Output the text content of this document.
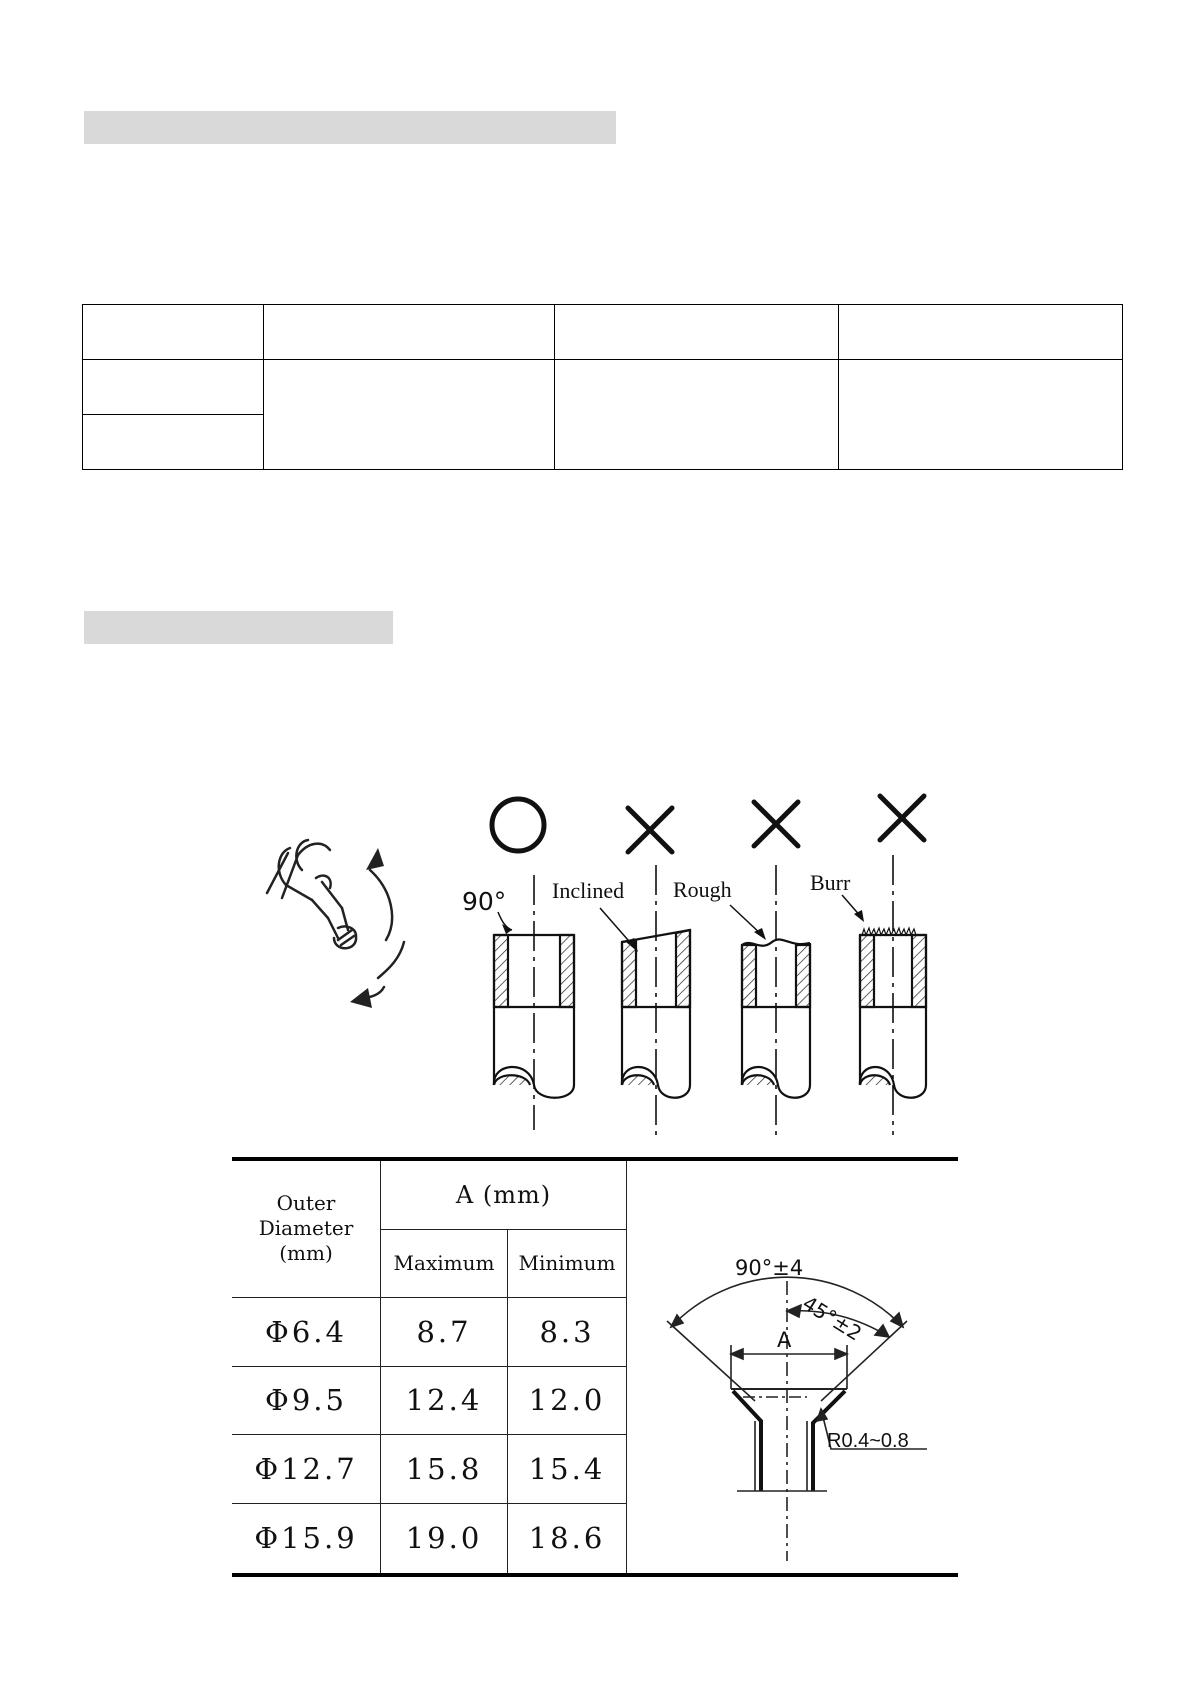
90° Inclined Rough	Burr
Outer Diameter (mm)	A (mm)		90°±4
45°±2
A
R0.4~0.8

	Maximum	Minimum	
Φ6.4	8.7	8.3	
Φ9.5	12.4	12.0	
Φ12.7	15.8	15.4	
Φ15.9	19.0	18.6	
